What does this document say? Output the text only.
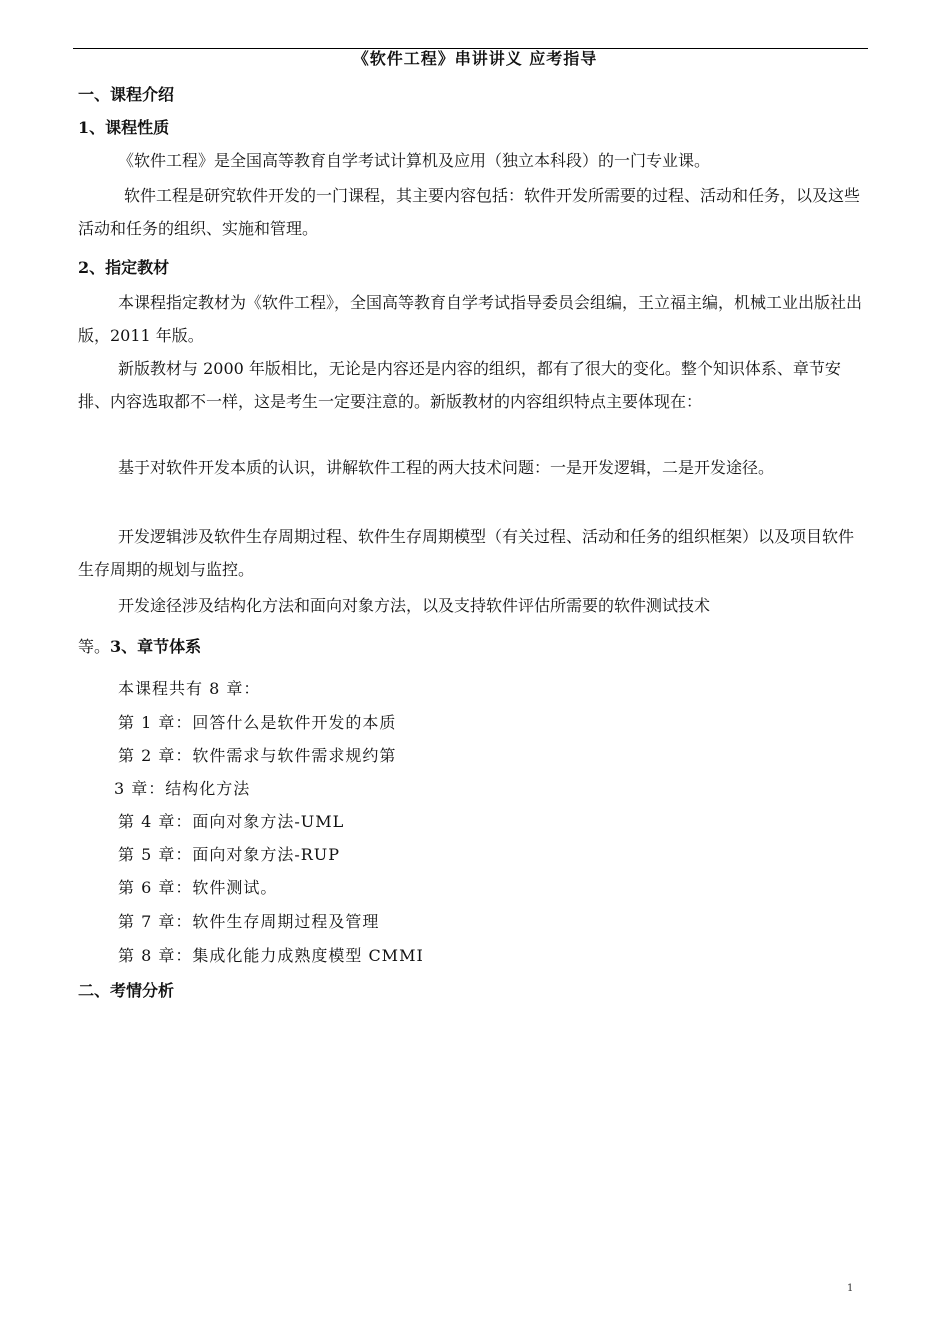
《软件工程》串讲讲义 应考指导
一、课程介绍
1、课程性质

《软件工程》是全国高等教育自学考试计算机及应用（独立本科段）的一门专业课。

软件工程是研究软件开发的一门课程，其主要内容包括：软件开发所需要的过程、活动和任务，以及这些活动和任务的组织、实施和管理。

2、指定教材

本课程指定教材为《软件工程》，全国高等教育自学考试指导委员会组编，王立福主编，机械工业出版社出版，2011 年版。

新版教材与 2000 年版相比，无论是内容还是内容的组织，都有了很大的变化。整个知识体系、章节安排、内容选取都不一样，这是考生一定要注意的。新版教材的内容组织特点主要体现在：

基于对软件开发本质的认识，讲解软件工程的两大技术问题：一是开发逻辑，二是开发途径。

开发逻辑涉及软件生存周期过程、软件生存周期模型（有关过程、活动和任务的组织框架）以及项目软件生存周期的规划与监控。

开发途径涉及结构化方法和面向对象方法，以及支持软件评估所需要的软件测试技术

等。3、章节体系
本课程共有 8 章：
第 1 章：回答什么是软件开发的本质
第 2 章：软件需求与软件需求规约第
3 章：结构化方法
第 4 章：面向对象方法-UML
第 5 章：面向对象方法-RUP
第 6 章：软件测试。
第 7 章：软件生存周期过程及管理
第 8 章：集成化能力成熟度模型 CMMI
二、考情分析
1
